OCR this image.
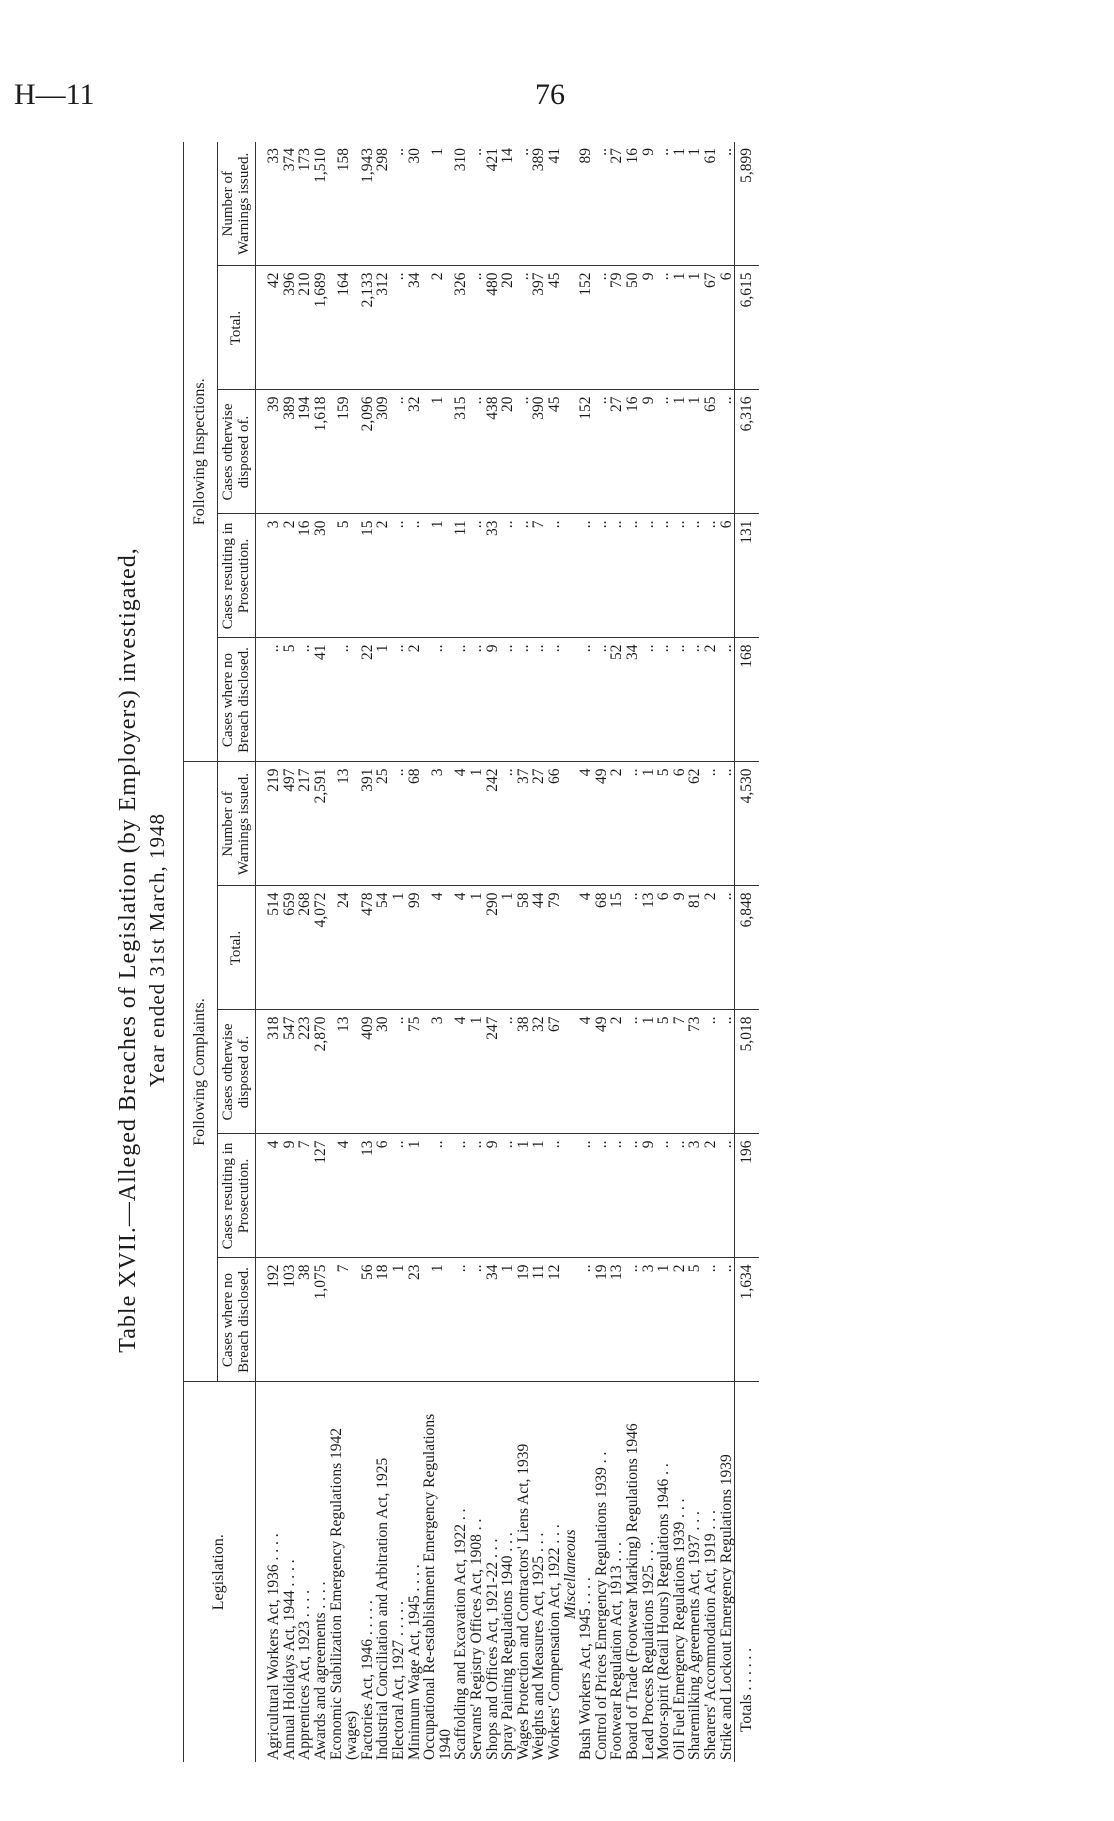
H—11	76
Table XVII.—Alleged Breaches of Legislation (by Employers) investigated, Year ended 31st March, 1948
Legislation.	Following Complaints.					Following Inspections.				
	Cases where no Breach disclosed.	Cases resulting in Prosecution.	Cases otherwise disposed of.	Total.	Number of Warnings issued.	Cases where no Breach disclosed.	Cases resulting in Prosecution.	Cases otherwise disposed of.	Total.	Number of Warnings issued.
Agricultural Workers Act, 1936 . . . .	192	4	318	514	219	..	3	39	42	33
Annual Holidays Act, 1944 . . . .	103	9	547	659	497	5	2	389	396	374
Apprentices Act, 1923 . . . .	38	7	223	268	217	..	16	194	210	173
Awards and agreements . . . .	1,075	127	2,870	4,072	2,591	41	30	1,618	1,689	1,510
Economic Stabilization Emergency Regulations 1942 (wages)	7	4	13	24	13	..	5	159	164	158
Factories Act, 1946 . . . . .	56	13	409	478	391	22	15	2,096	2,133	1,943
Industrial Conciliation and Arbitration Act, 1925	18	6	30	54	25	1	2	309	312	298
Electoral Act, 1927 . . . . .	1	..	..	1	..	..	..	..	..	..
Minimum Wage Act, 1945 . . . .	23	1	75	99	68	2	..	32	34	30
Occupational Re-establishment Emergency Regulations 1940	1	..	3	4	3	..	1	1	2	1
Scaffolding and Excavation Act, 1922 . .	..	..	4	4	4	..	11	315	326	310
Servants' Registry Offices Act, 1908 . .	..	..	1	1	1	..	..	..	..	..
Shops and Offices Act, 1921-22 . . .	34	9	247	290	242	9	33	438	480	421
Spray Painting Regulations 1940 . . .	1	..	..	1	..	..	..	20	20	14
Wages Protection and Contractors' Liens Act, 1939	19	1	38	58	37	..	..	..	..	..
Weights and Measures Act, 1925 . . .	11	1	32	44	27	..	7	390	397	389
Workers' Compensation Act, 1922 . . .	12	..	67	79	66	..	..	45	45	41
Miscellaneous										
Bush Workers Act, 1945 . . . .	..	..	4	4	4	..	..	152	152	89
Control of Prices Emergency Regulations 1939 . .	19	..	49	68	49	..	..	..	..	..
Footwear Regulation Act, 1913 . . .	13	..	2	15	2	52	..	27	79	27
Board of Trade (Footwear Marking) Regulations 1946	..	..	..	..	..	34	..	16	50	16
Lead Process Regulations 1925 . . .	3	9	1	13	1	..	..	9	9	9
Motor-spirit (Retail Hours) Regulations 1946 . .	1	..	5	6	5	..	..	..	..	..
Oil Fuel Emergency Regulations 1939 . . .	2	..	7	9	6	..	..	1	1	1
Sharemilking Agreements Act, 1937 . . .	5	3	73	81	62	..	..	1	1	1
Shearers' Accommodation Act, 1919 . . .	..	2	..	2	..	2	..	65	67	61
Strike and Lockout Emergency Regulations 1939	..	..	..	..	..	..	6	..	6	..
Totals . . . . . .	1,634	196	5,018	6,848	4,530	168	131	6,316	6,615	5,899
